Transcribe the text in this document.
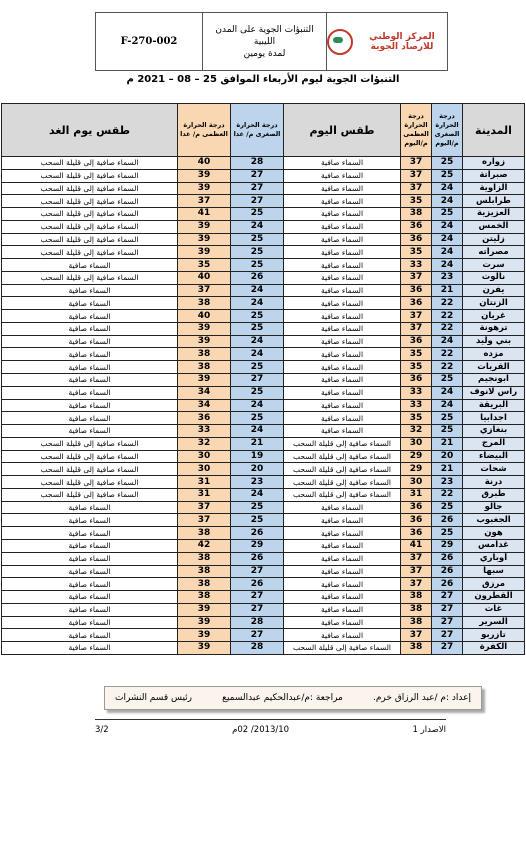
المركز الوطني للارصاد الجوية
التنبؤات الجوية على المدن الليبية
لمدة يومين
F-270-002
التنبؤات الجوية ليوم الأربعاء الموافق 25 – 08 – 2021 م
المدينة	درجة الحرارة الصغرى م/اليوم	درجة الحرارة العظمى م/اليوم	طقس اليوم	درجة الحرارة الصغرى م/ غدا	درجة الحرارة العظمى م/ غدا	طقس يوم الغد
زواره	25	37	السماء صافية	28	40	السماء صافية إلى قليلة السحب
صبراتة	25	37	السماء صافية	27	39	السماء صافية إلى قليلة السحب
الزاوية	24	37	السماء صافية	27	39	السماء صافية إلى قليلة السحب
طرابلس	24	35	السماء صافية	27	37	السماء صافية إلى قليلة السحب
العزيزية	25	38	السماء صافية	25	41	السماء صافية إلى قليلة السحب
الخمس	24	36	السماء صافية	24	39	السماء صافية إلى قليلة السحب
زليتن	24	36	السماء صافية	25	39	السماء صافية إلى قليلة السحب
مصراته	24	35	السماء صافية	25	39	السماء صافية إلى قليلة السحب
سرت	24	33	السماء صافية	25	35	السماء صافية
نالوت	23	37	السماء صافية	26	40	السماء صافية إلى قليلة السحب
يفرن	21	36	السماء صافية	24	37	السماء صافية
الزنتان	22	36	السماء صافية	24	38	السماء صافية
غريان	22	37	السماء صافية	25	40	السماء صافية
ترهونة	22	37	السماء صافية	25	39	السماء صافية
بني وليد	24	36	السماء صافية	24	39	السماء صافية
مزده	22	35	السماء صافية	24	38	السماء صافية
القريات	22	35	السماء صافية	25	38	السماء صافية
ابونجيم	25	36	السماء صافية	27	39	السماء صافية
راس لانوف	24	33	السماء صافية	25	34	السماء صافية
البريقة	24	33	السماء صافية	24	34	السماء صافية
اجدابيا	25	35	السماء صافية	25	36	السماء صافية
بنغازي	25	32	السماء صافية	24	33	السماء صافية
المرج	21	30	السماء صافية إلى قليلة السحب	21	32	السماء صافية إلى قليلة السحب
البيضاء	20	29	السماء صافية إلى قليلة السحب	19	30	السماء صافية إلى قليلة السحب
شحات	21	29	السماء صافية إلى قليلة السحب	20	30	السماء صافية إلى قليلة السحب
درنة	23	30	السماء صافية إلى قليلة السحب	23	31	السماء صافية إلى قليلة السحب
طبرق	22	31	السماء صافية إلى قليلة السحب	24	31	السماء صافية إلى قليلة السحب
جالو	25	36	السماء صافية	25	37	السماء صافية
الجغبوب	26	36	السماء صافية	25	37	السماء صافية
هون	25	36	السماء صافية	26	38	السماء صافية
غدامس	29	41	السماء صافية	29	42	السماء صافية
أوباري	26	37	السماء صافية	26	38	السماء صافية
سبها	26	37	السماء صافية	27	38	السماء صافية
مرزق	26	37	السماء صافية	26	38	السماء صافية
القطرون	27	38	السماء صافية	27	38	السماء صافية
غات	27	38	السماء صافية	27	39	السماء صافية
السرير	27	38	السماء صافية	28	39	السماء صافية
تازربو	27	37	السماء صافية	27	39	السماء صافية
الكفرة	27	38	السماء صافية إلى قليلة السحب	28	39	السماء صافية
إعداد :م /عبد الرزاق خرم.
مراجعة :م/عبدالحكيم عبدالسميع
رئيس قسم النشرات
الاصدار 1
2013/10/ 02م
3/2
